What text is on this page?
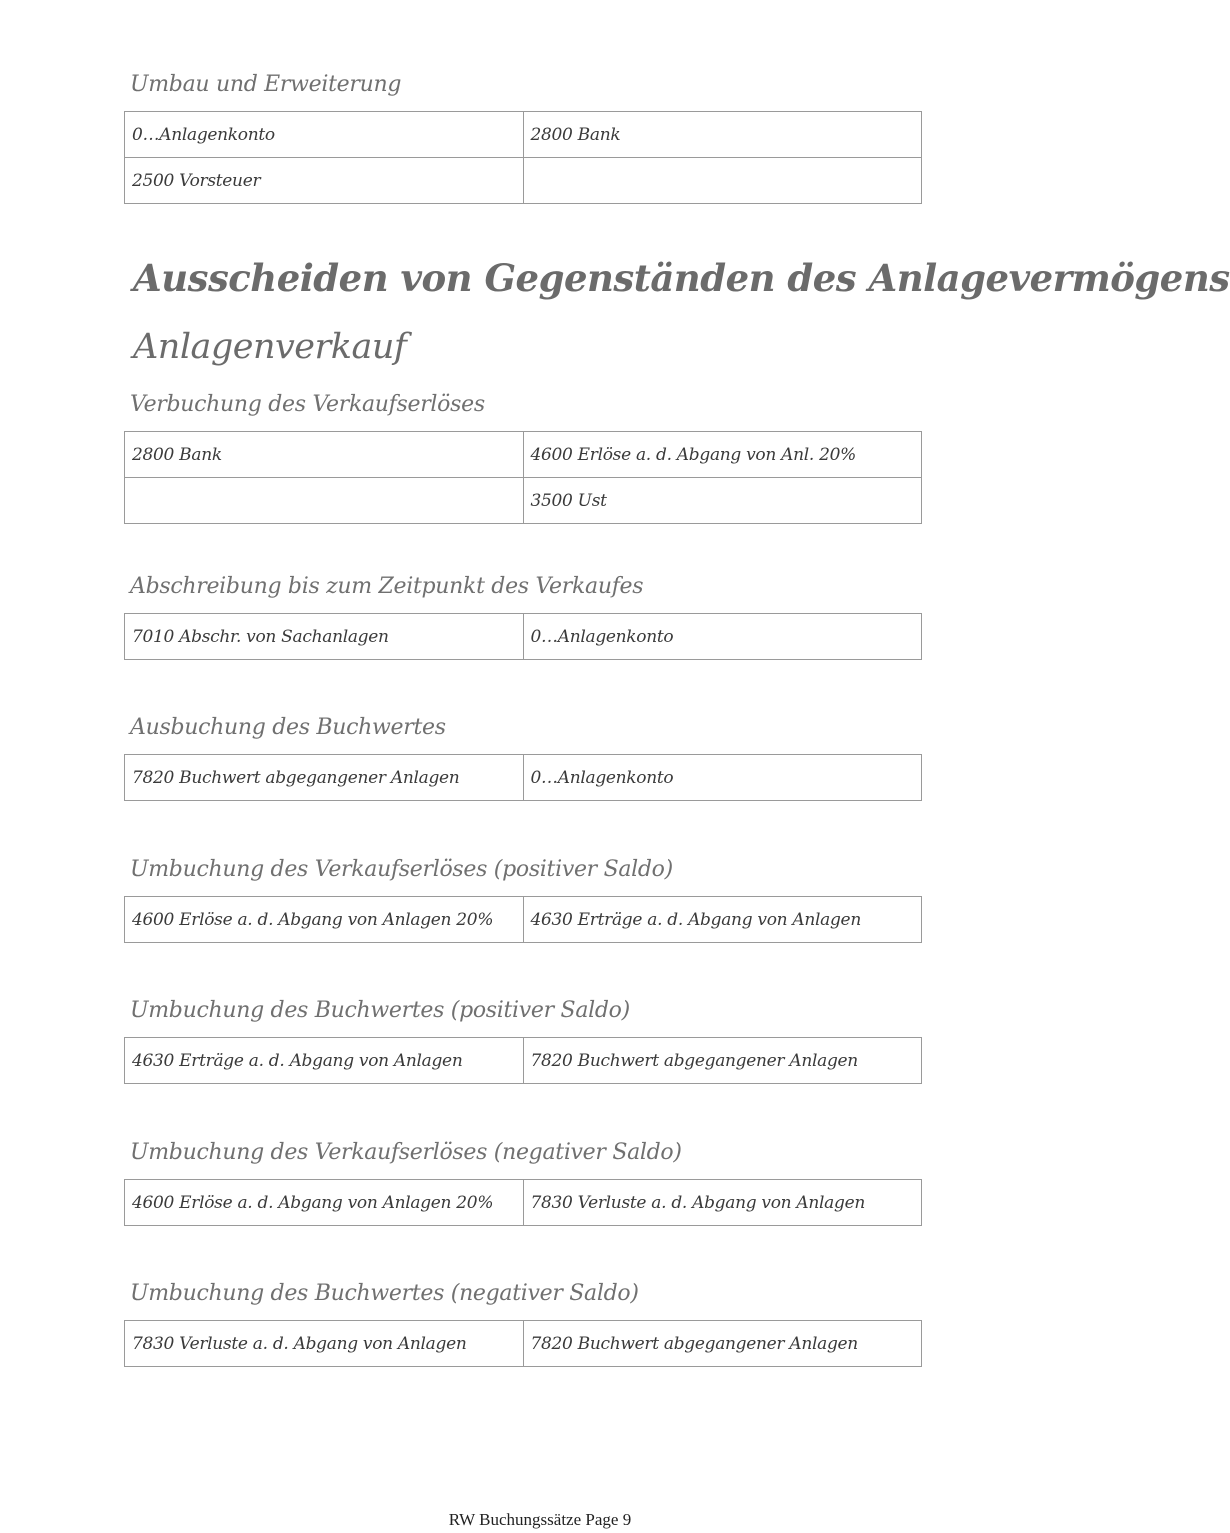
Umbau und Erweiterung
0…Anlagenkonto	2800 Bank
2500 Vorsteuer	
Ausscheiden von Gegenständen des Anlagevermögens
Anlagenverkauf
Verbuchung des Verkaufserlöses
2800 Bank	4600 Erlöse a. d. Abgang von Anl. 20%
	3500 Ust
Abschreibung bis zum Zeitpunkt des Verkaufes
7010 Abschr. von Sachanlagen	0…Anlagenkonto
Ausbuchung des Buchwertes
7820 Buchwert abgegangener Anlagen	0…Anlagenkonto
Umbuchung des Verkaufserlöses (positiver Saldo)
4600 Erlöse a. d. Abgang von Anlagen 20%	4630 Erträge a. d. Abgang von Anlagen
Umbuchung des Buchwertes (positiver Saldo)
4630 Erträge a. d. Abgang von Anlagen	7820 Buchwert abgegangener Anlagen
Umbuchung des Verkaufserlöses (negativer Saldo)
4600 Erlöse a. d. Abgang von Anlagen 20%	7830 Verluste a. d. Abgang von Anlagen
Umbuchung des Buchwertes (negativer Saldo)
7830 Verluste a. d. Abgang von Anlagen	7820 Buchwert abgegangener Anlagen
RW Buchungssätze Page 9
